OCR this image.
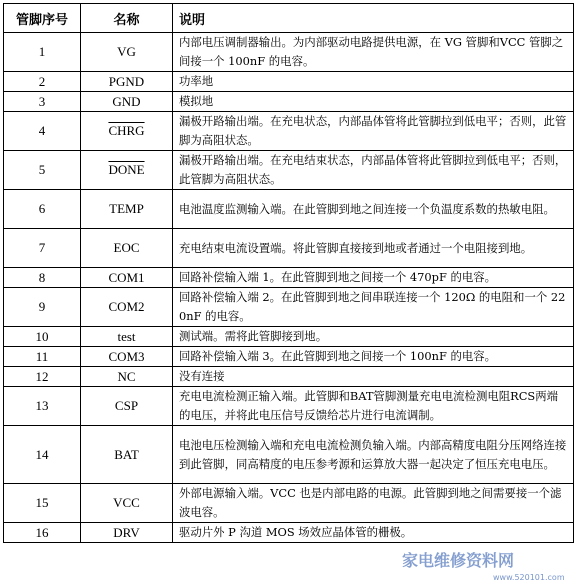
管脚序号	名称	说明
1	VG	内部电压调制器输出。为内部驱动电路提供电源，在 VG 管脚和VCC 管脚之间接一个 100nF 的电容。
2	PGND	功率地
3	GND	模拟地
4	CHRG	漏极开路输出端。在充电状态，内部晶体管将此管脚拉到低电平；否则，此管脚为高阻状态。
5	DONE	漏极开路输出端。在充电结束状态，内部晶体管将此管脚拉到低电平；否则，此管脚为高阻状态。
6	TEMP	电池温度监测输入端。在此管脚到地之间连接一个负温度系数的热敏电阻。
7	EOC	充电结束电流设置端。将此管脚直接接到地或者通过一个电阻接到地。
8	COM1	回路补偿输入端 1。在此管脚到地之间接一个 470pF 的电容。
9	COM2	回路补偿输入端 2。在此管脚到地之间串联连接一个 120Ω 的电阻和一个 220nF 的电容。
10	test	测试端。需将此管脚接到地。
11	COM3	回路补偿输入端 3。在此管脚到地之间接一个 100nF 的电容。
12	NC	没有连接
13	CSP	充电电流检测正输入端。此管脚和BAT管脚测量充电电流检测电阻RCS两端的电压，并将此电压信号反馈给芯片进行电流调制。
14	BAT	电池电压检测输入端和充电电流检测负输入端。内部高精度电阻分压网络连接到此管脚，同高精度的电压参考源和运算放大器一起决定了恒压充电电压。
15	VCC	外部电源输入端。VCC 也是内部电路的电源。此管脚到地之间需要接一个滤波电容。
16	DRV	驱动片外 P 沟道 MOS 场效应晶体管的栅极。
家电维修资料网
www.520101.com
